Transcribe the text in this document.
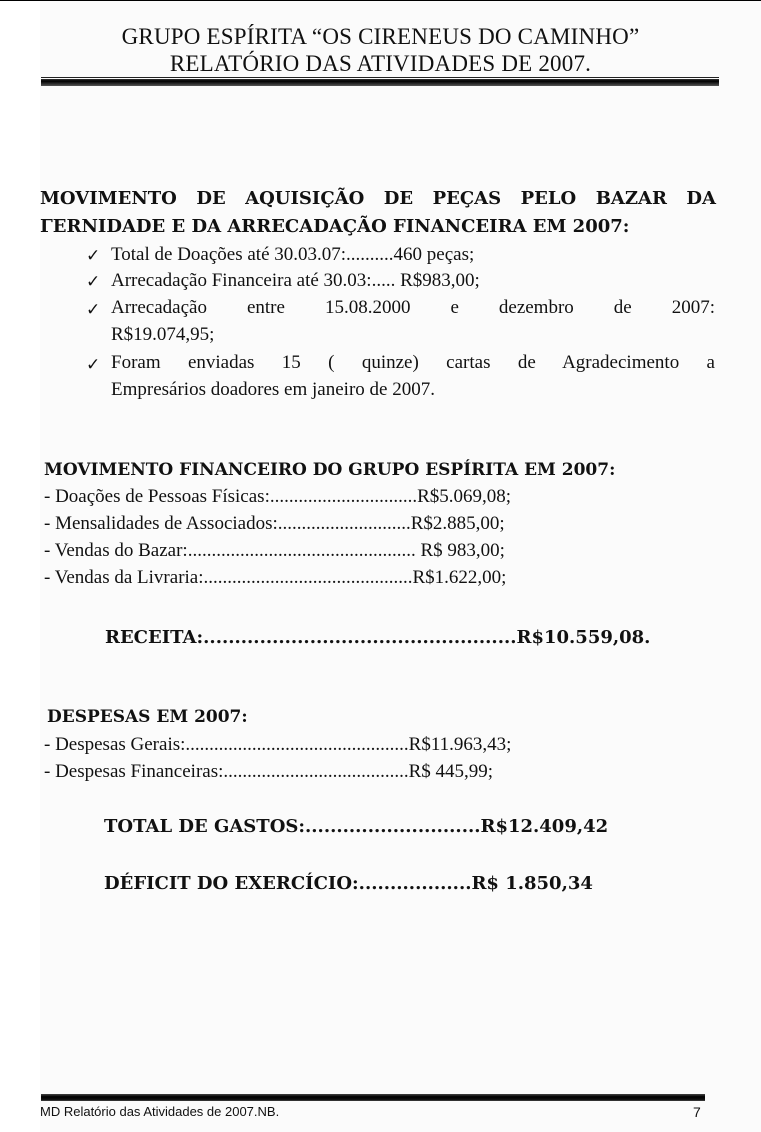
GRUPO ESPÍRITA “OS CIRENEUS DO CAMINHO”
RELATÓRIO DAS ATIVIDADES DE 2007.
MOVIMENTO DE AQUISIÇÃO DE PEÇAS PELO BAZAR DA
ΓERNIDADE E DA ARRECADAÇÃO FINANCEIRA EM 2007:
✓ Total de Doações até 30.03.07:..........460 peças;
✓ Arrecadação Financeira até 30.03:..... R$983,00;
✓ Arrecadação entre 15.08.2000 e dezembro de 2007:
R$19.074,95;
✓ Foram enviadas 15 ( quinze) cartas de Agradecimento a
Empresários doadores em janeiro de 2007.
MOVIMENTO FINANCEIRO DO GRUPO ESPÍRITA EM 2007:
- Doações de Pessoas Físicas:...............................R$5.069,08;
- Mensalidades de Associados:............................R$2.885,00;
- Vendas do Bazar:................................................ R$ 983,00;
- Vendas da Livraria:............................................R$1.622,00;
RECEITA:..................................................R$10.559,08.
DESPESAS EM 2007:
- Despesas Gerais:...............................................R$11.963,43;
- Despesas Financeiras:.......................................R$ 445,99;
TOTAL DE GASTOS:............................R$12.409,42
DÉFICIT DO EXERCÍCIO:..................R$ 1.850,34
MD Relatório das Atividades de 2007.NB.	7
